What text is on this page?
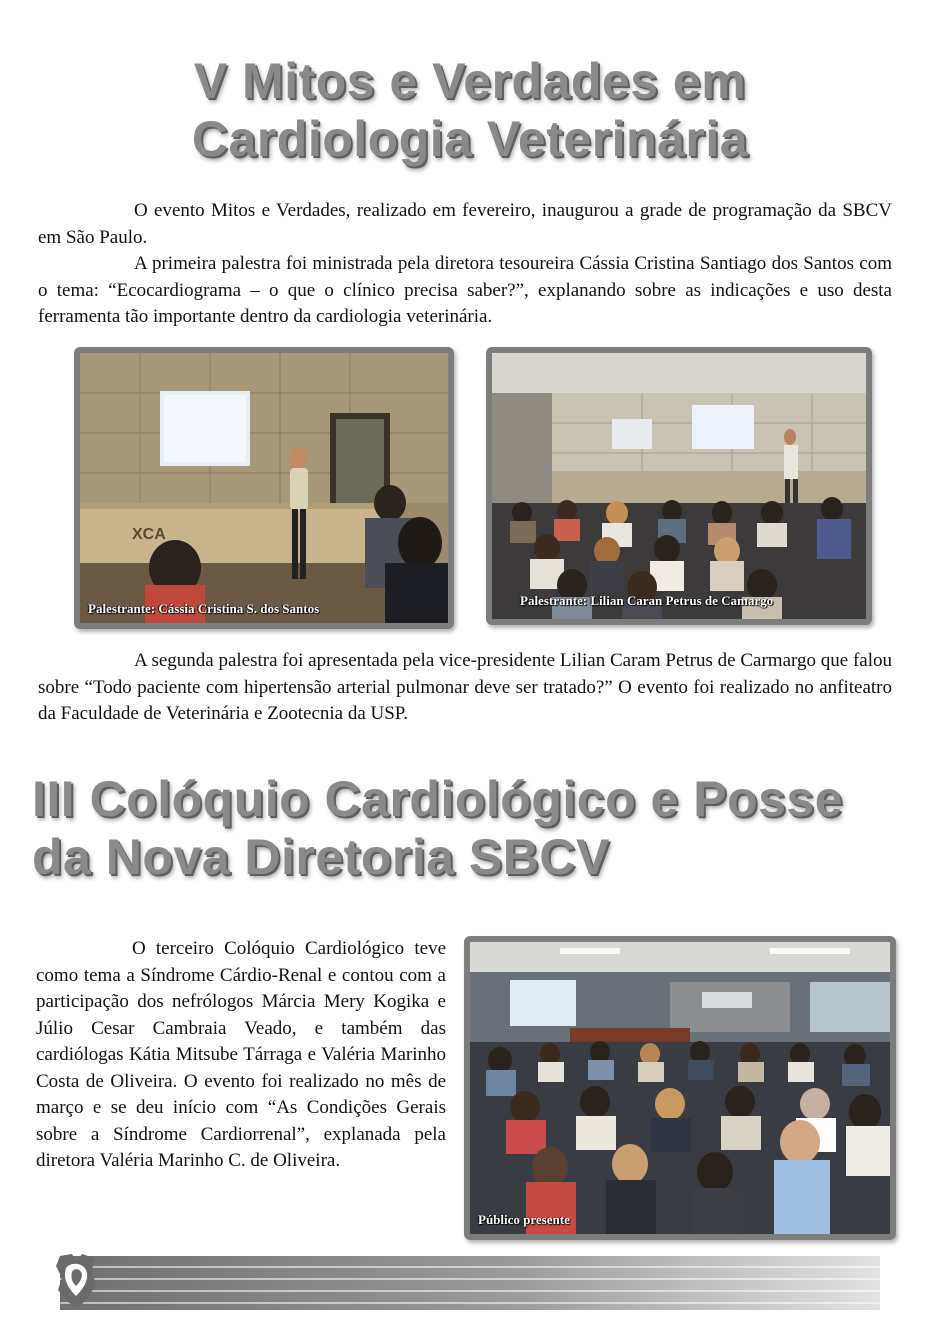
V Mitos e Verdades em
Cardiologia Veterinária

O evento Mitos e Verdades, realizado em fevereiro, inaugurou a grade de programação da SBCV em São Paulo.

A primeira palestra foi ministrada pela diretora tesoureira Cássia Cristina Santiago dos Santos com o tema: “Ecocardiograma – o que o clínico precisa saber?”, explanando sobre as indicações e uso desta ferramenta tão importante dentro da cardiologia veterinária.

XCA
Palestrante: Cássia Cristina S. dos Santos
Palestrante: Lilian Caran Petrus de Camargo

A segunda palestra foi apresentada pela vice-presidente Lilian Caram Petrus de Carmargo que falou sobre “Todo paciente com hipertensão arterial pulmonar deve ser tratado?” O evento foi realizado no anfiteatro da Faculdade de Veterinária e Zootecnia da USP.

III Colóquio Cardiológico e Posse
da Nova Diretoria SBCV

O terceiro Colóquio Cardiológico teve como tema a Síndrome Cárdio-Renal e contou com a participação dos nefrólogos Márcia Mery Kogika e Júlio Cesar Cambraia Veado, e também das cardiólogas Kátia Mitsube Tárraga e Valéria Marinho Costa de Oliveira. O evento foi realizado no mês de março e se deu início com “As Condições Gerais sobre a Síndrome Cardiorrenal”, explanada pela diretora Valéria Marinho C. de Oliveira.

Público presente
